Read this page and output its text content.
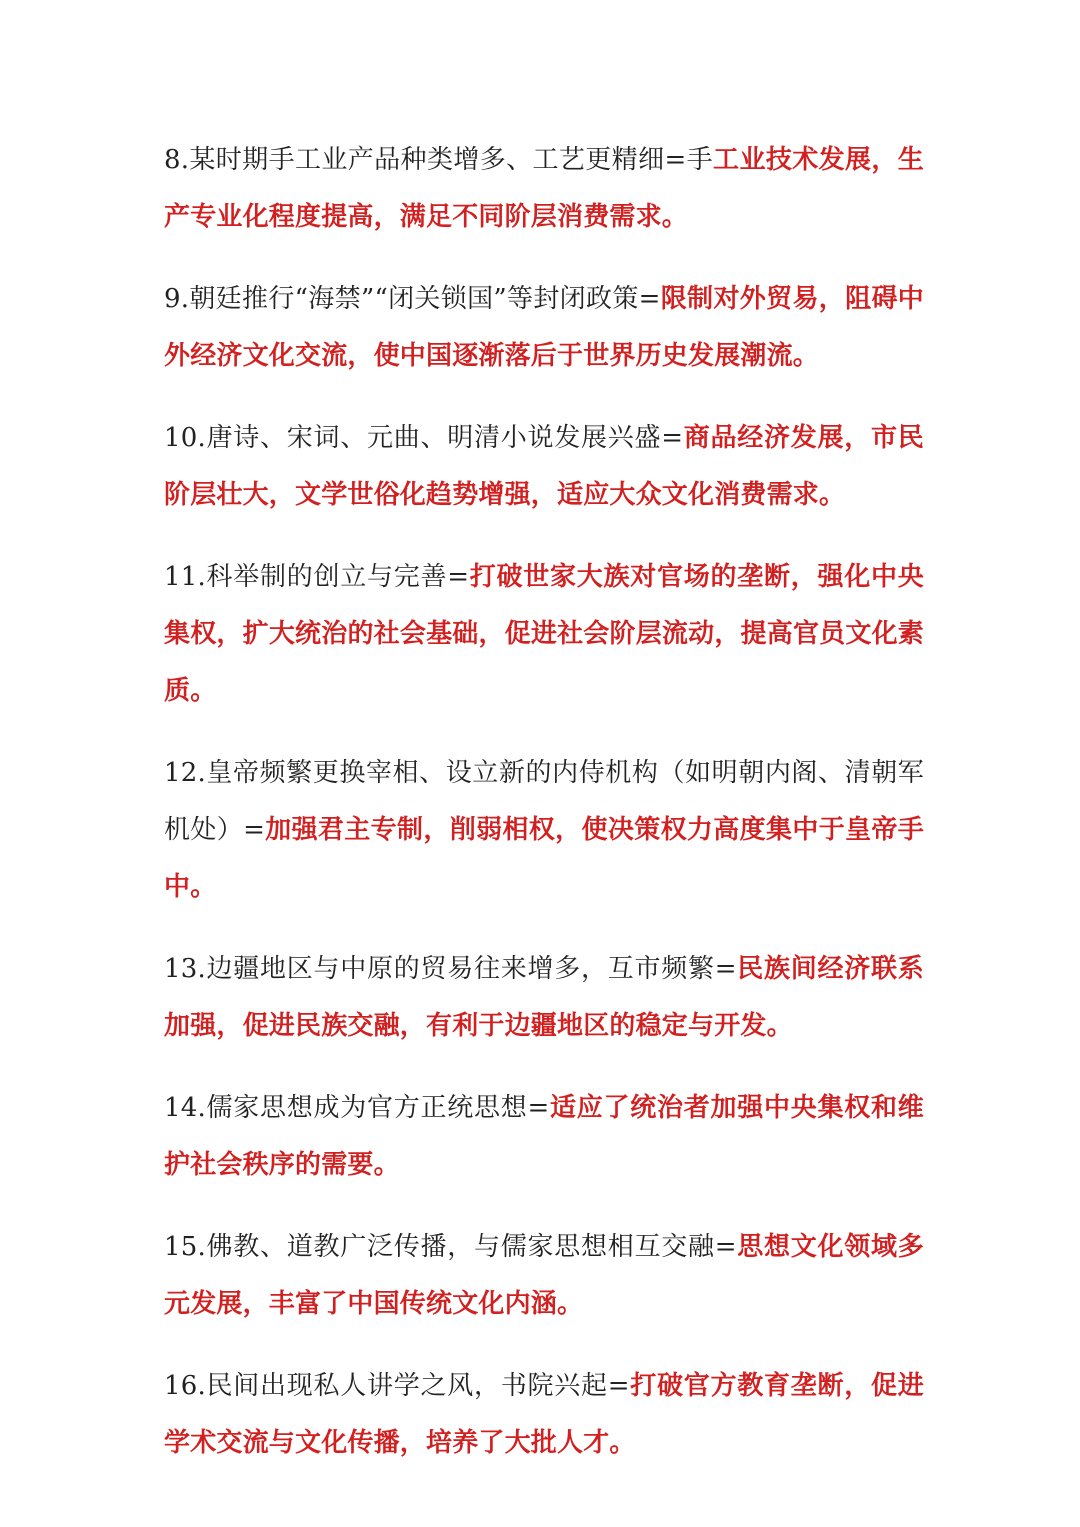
8.某时期手工业产品种类增多、工艺更精细=手工业技术发展，生产专业化程度提高，满足不同阶层消费需求。

9.朝廷推行“海禁”“闭关锁国”等封闭政策=限制对外贸易，阻碍中外经济文化交流，使中国逐渐落后于世界历史发展潮流。

10.唐诗、宋词、元曲、明清小说发展兴盛=商品经济发展，市民阶层壮大，文学世俗化趋势增强，适应大众文化消费需求。

11.科举制的创立与完善=打破世家大族对官场的垄断，强化中央集权，扩大统治的社会基础，促进社会阶层流动，提高官员文化素质。

12.皇帝频繁更换宰相、设立新的内侍机构（如明朝内阁、清朝军机处）=加强君主专制，削弱相权，使决策权力高度集中于皇帝手中。

13.边疆地区与中原的贸易往来增多，互市频繁=民族间经济联系加强，促进民族交融，有利于边疆地区的稳定与开发。

14.儒家思想成为官方正统思想=适应了统治者加强中央集权和维护社会秩序的需要。

15.佛教、道教广泛传播，与儒家思想相互交融=思想文化领域多元发展，丰富了中国传统文化内涵。

16.民间出现私人讲学之风，书院兴起=打破官方教育垄断，促进学术交流与文化传播，培养了大批人才。
